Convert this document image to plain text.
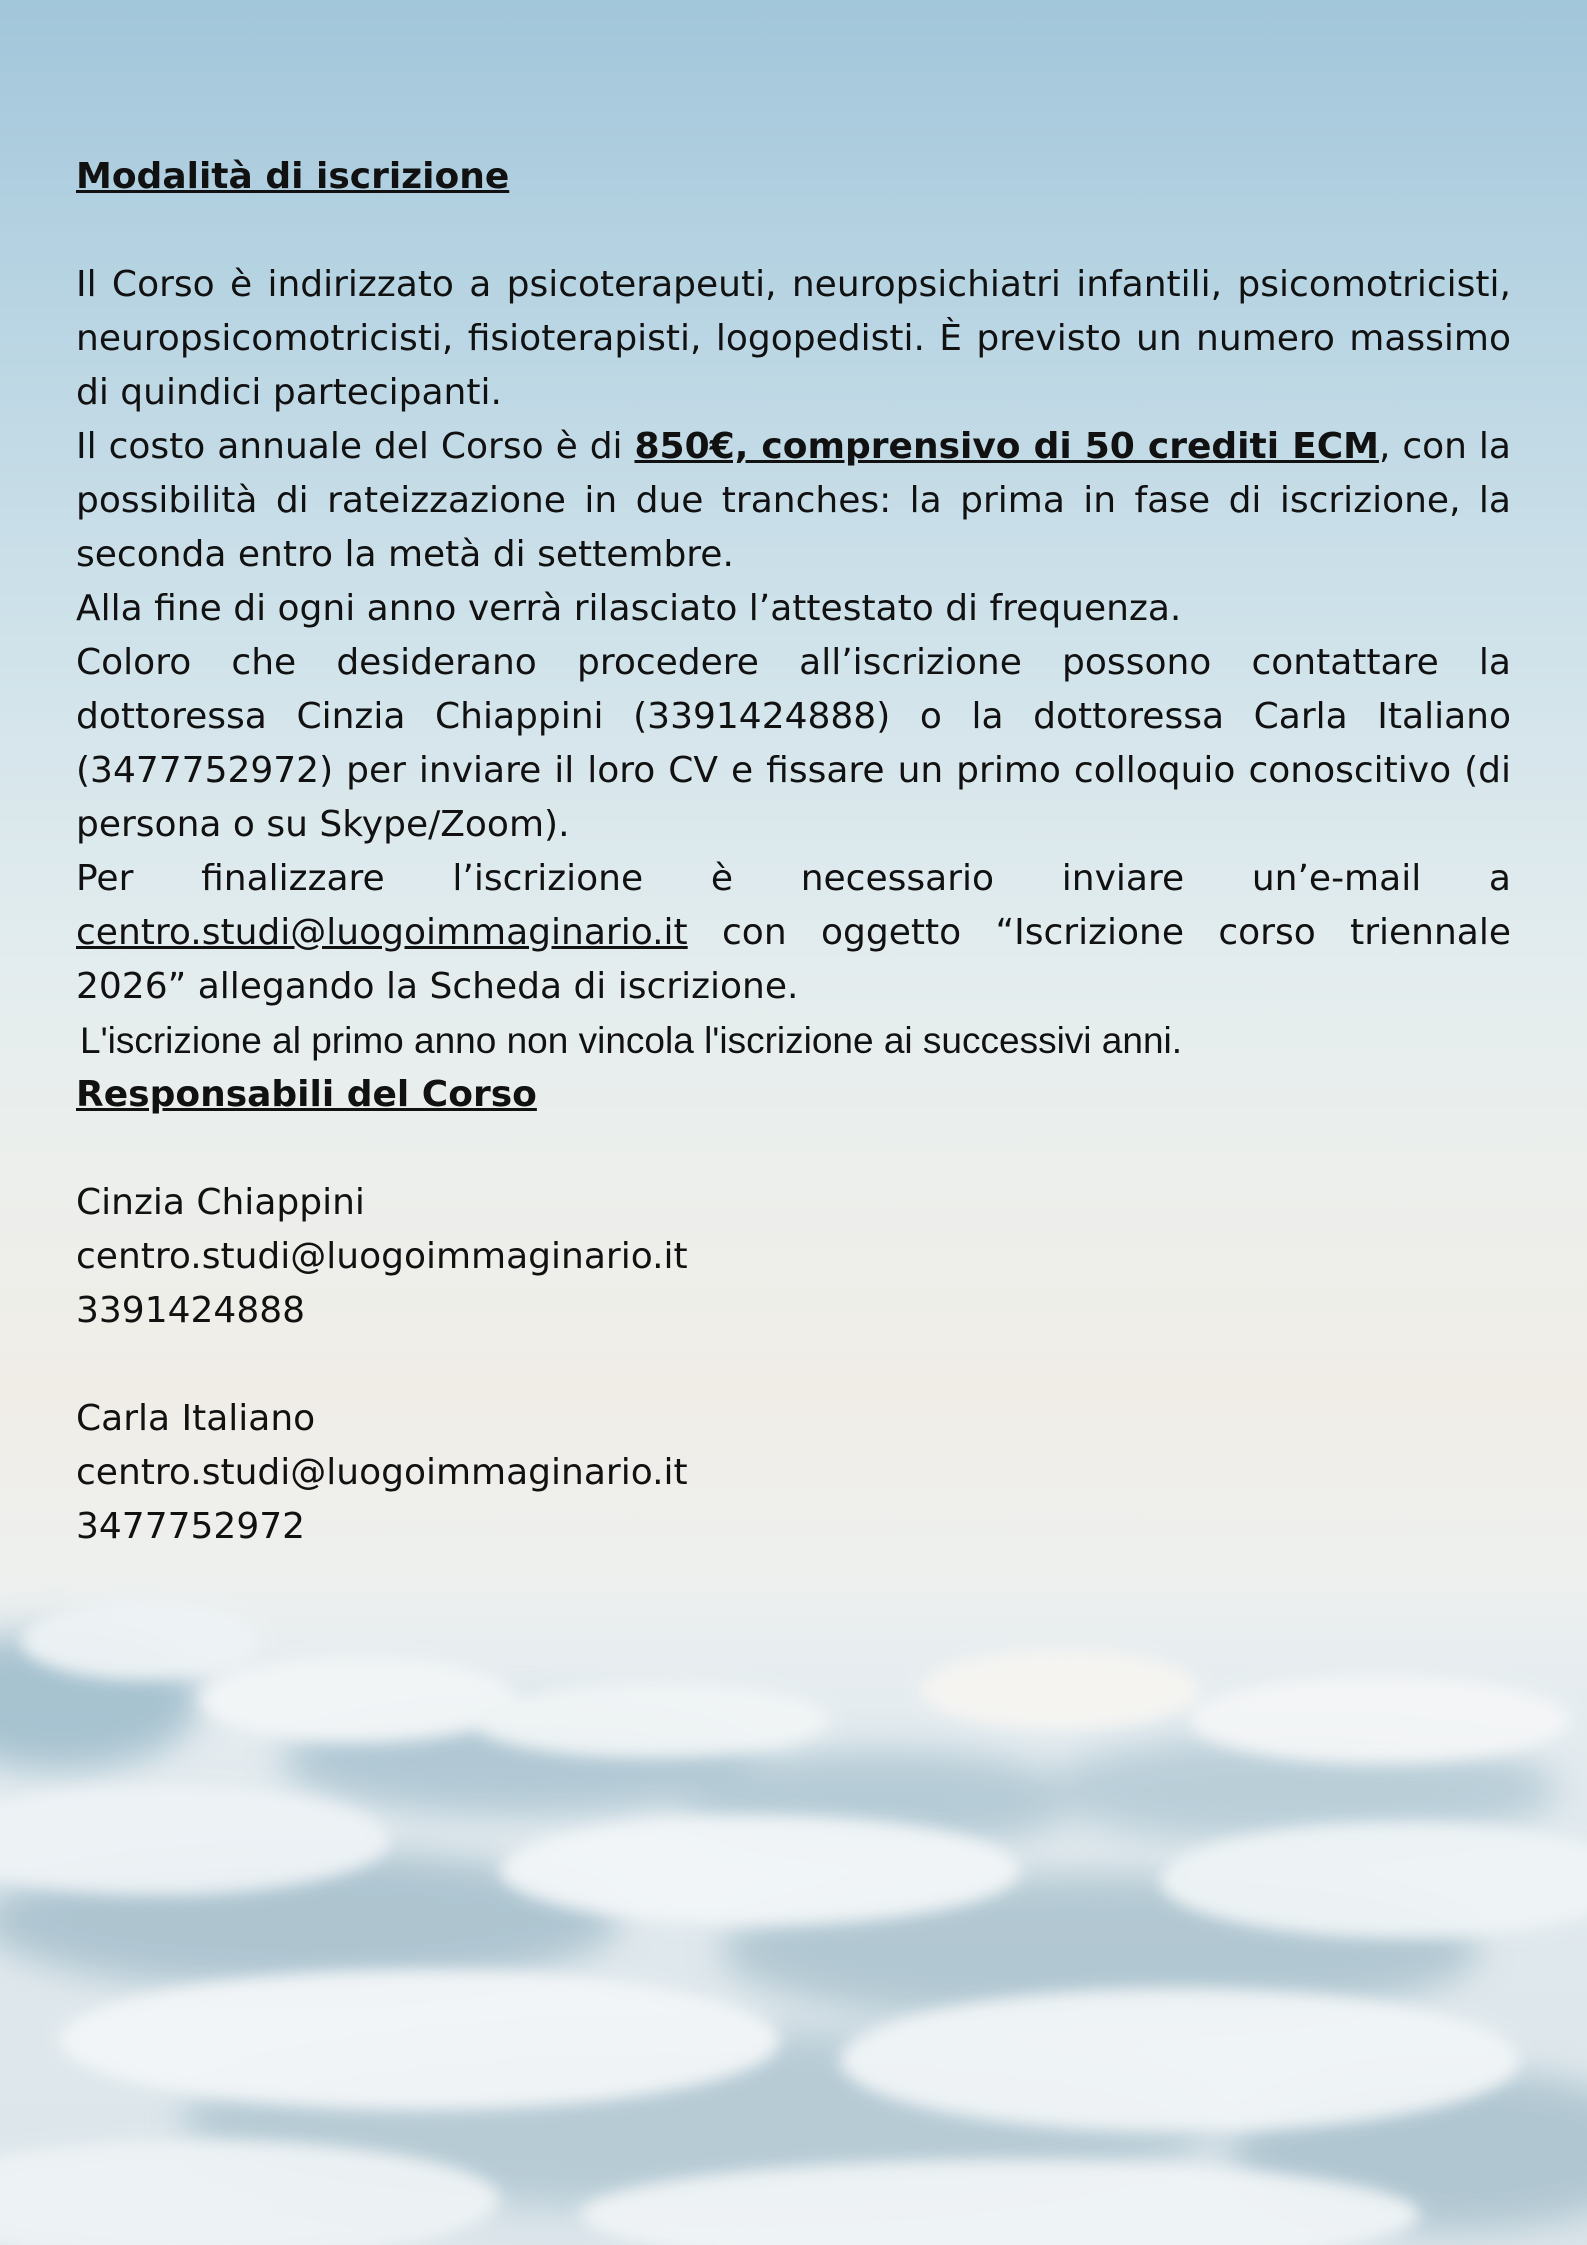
Modalità di iscrizione

Il Corso è indirizzato a psicoterapeuti, neuropsichiatri infantili, psicomotricisti, neuropsicomotricisti, fisioterapisti, logopedisti. È previsto un numero massimo di quindici partecipanti.

Il costo annuale del Corso è di 850€, comprensivo di 50 crediti ECM, con la possibilità di rateizzazione in due tranches: la prima in fase di iscrizione, la seconda entro la metà di settembre.

Alla fine di ogni anno verrà rilasciato l’attestato di frequenza.

Coloro che desiderano procedere all’iscrizione possono contattare la dottoressa Cinzia Chiappini (3391424888) o la dottoressa Carla Italiano (3477752972) per inviare il loro CV e fissare un primo colloquio conoscitivo (di persona o su Skype/Zoom).

Per finalizzare l’iscrizione è necessario inviare un’e-mail a centro.studi@luogoimmaginario.it con oggetto “Iscrizione corso triennale 2026” allegando la Scheda di iscrizione.

L'iscrizione al primo anno non vincola l'iscrizione ai successivi anni.

Responsabili del Corso

Cinzia Chiappini

centro.studi@luogoimmaginario.it

3391424888

Carla Italiano

centro.studi@luogoimmaginario.it

3477752972
